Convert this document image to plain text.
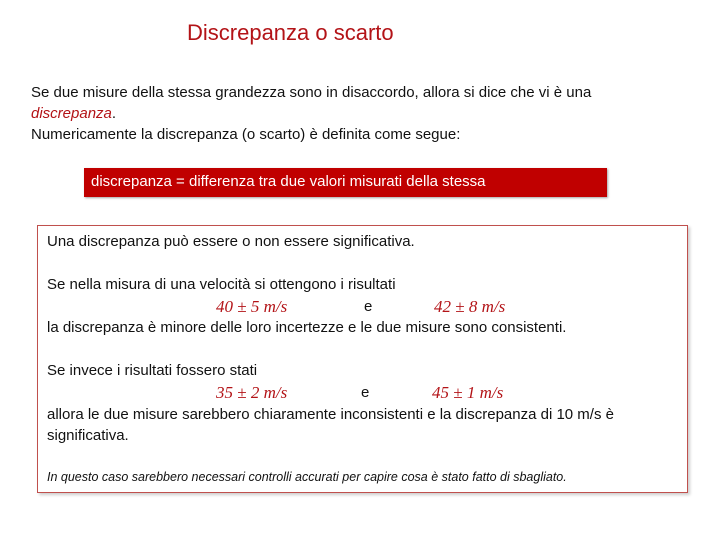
Discrepanza o scarto
Se due misure della stessa grandezza sono in disaccordo, allora si dice che vi è una
discrepanza.
Numericamente la discrepanza (o scarto) è definita come segue:
discrepanza = differenza tra due valori misurati della stessa
Una discrepanza può essere o non essere significativa.
Se nella misura di una velocità si ottengono i risultati
40 ± 5 m/s	e	42 ± 8 m/s
la discrepanza è minore delle loro incertezze e le due misure sono consistenti.
Se invece i risultati fossero stati
35 ± 2 m/s	e	45 ± 1 m/s
allora le due misure sarebbero chiaramente inconsistenti e la discrepanza di 10 m/s è
significativa.
In questo caso sarebbero necessari controlli accurati per capire cosa è stato fatto di sbagliato.
